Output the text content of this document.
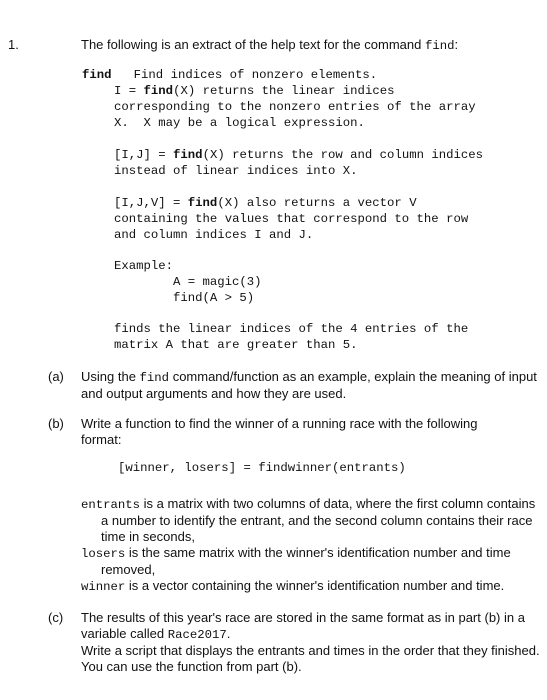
1.	The following is an extract of the help text for the command find:
find Find indices of nonzero elements.
I = find(X) returns the linear indices
corresponding to the nonzero entries of the array
X.  X may be a logical expression.
[I,J] = find(X) returns the row and column indices
instead of linear indices into X.
[I,J,V] = find(X) also returns a vector V
containing the values that correspond to the row
and column indices I and J.
Example:
A = magic(3)
find(A > 5)
finds the linear indices of the 4 entries of the
matrix A that are greater than 5.
(a) Using the find command/function as an example, explain the meaning of input and output arguments and how they are used.
(b) Write a function to find the winner of a running race with the following format:
[winner, losers] = findwinner(entrants)
entrants is a matrix with two columns of data, where the first column contains a number to identify the entrant, and the second column contains their race time in seconds,
losers is the same matrix with the winner's identification number and time removed,
winner is a vector containing the winner's identification number and time.
(c) The results of this year's race are stored in the same format as in part (b) in a variable called Race2017.
Write a script that displays the entrants and times in the order that they finished. You can use the function from part (b).
